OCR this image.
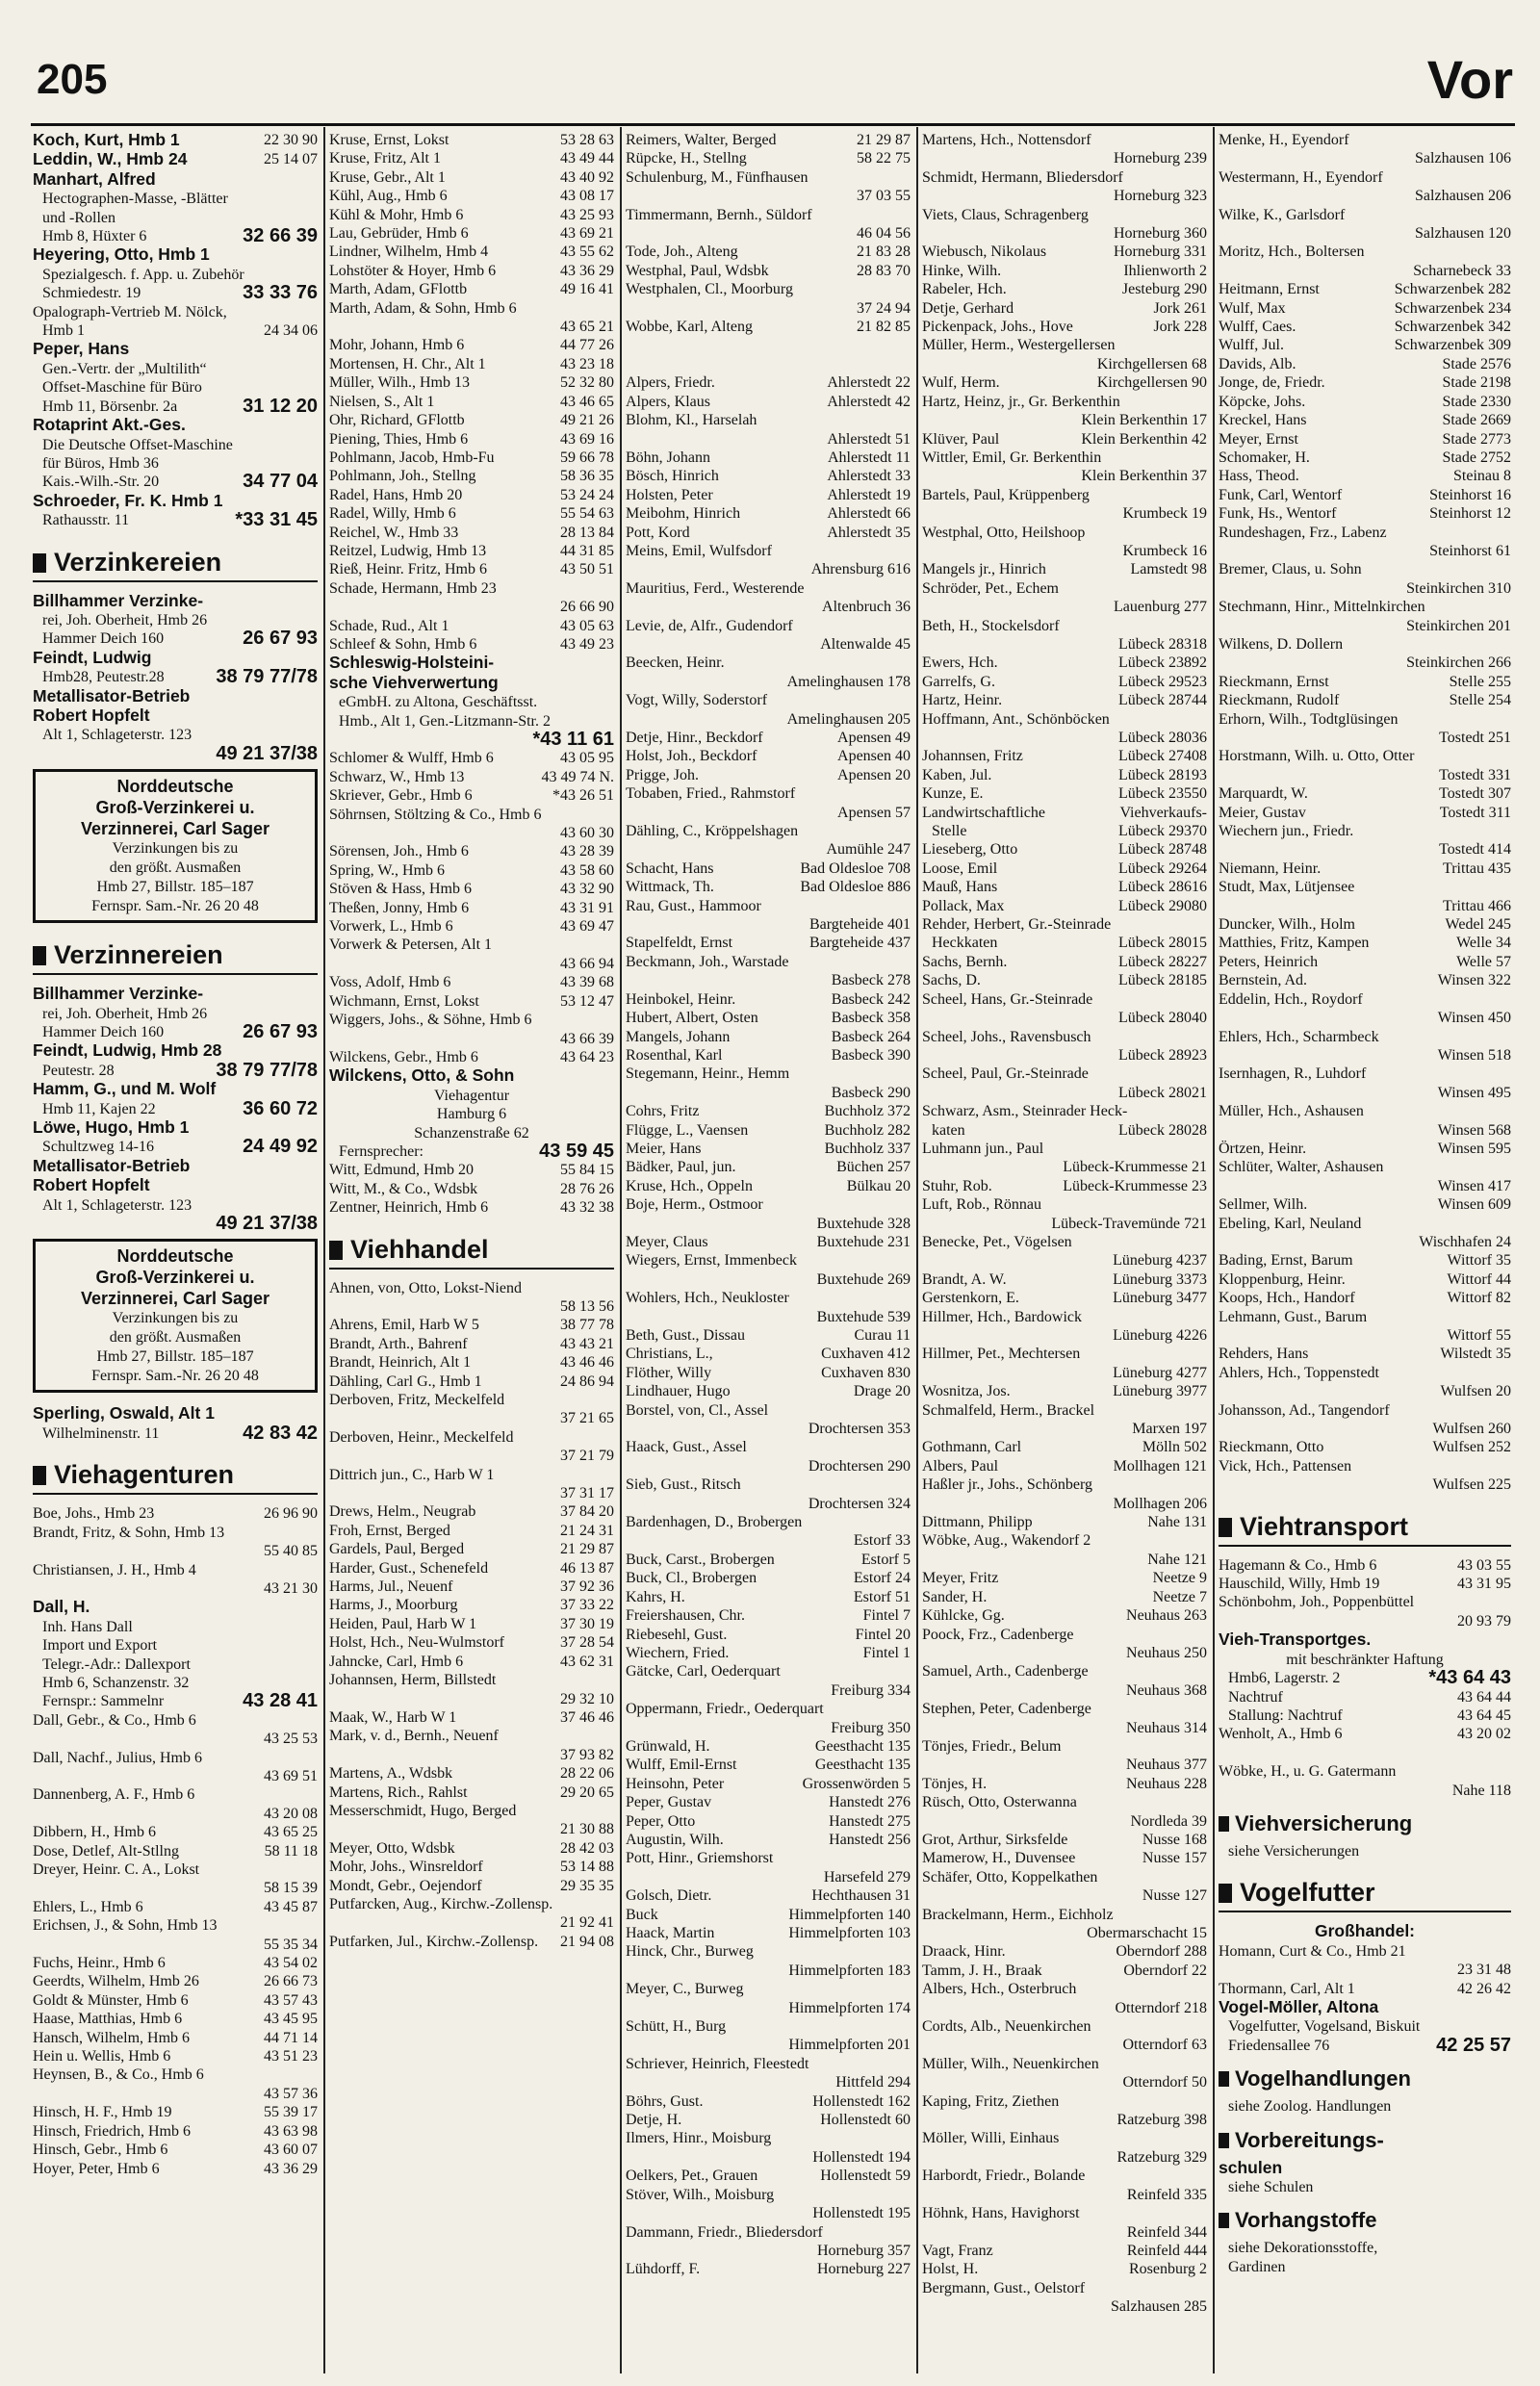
205	Vor
22 30 90
Koch, Kurt, Hmb 1
25 14 07
Leddin, W., Hmb 24
Manhart, Alfred
Hectographen-Masse, -Blätter
und -Rollen
32 66 39
Hmb 8, Hüxter 6
Heyering, Otto, Hmb 1
Spezialgesch. f. App. u. Zubehör
33 33 76
Schmiedestr. 19
Opalograph-Vertrieb M. Nölck,
24 34 06
Hmb 1
Peper, Hans
Gen.-Vertr. der „Multilith“
Offset-Maschine für Büro
31 12 20
Hmb 11, Börsenbr. 2a
Rotaprint Akt.-Ges.
Die Deutsche Offset-Maschine
für Büros, Hmb 36
34 77 04
Kais.-Wilh.-Str. 20
Schroeder, Fr. K. Hmb 1
*33 31 45
Rathausstr. 11
Verzinkereien
Billhammer Verzinke-
rei, Joh. Oberheit, Hmb 26
26 67 93
Hammer Deich 160
Feindt, Ludwig
38 79 77/78
Hmb28, Peutestr.28
Metallisator-Betrieb
Robert Hopfelt
Alt 1, Schlageterstr. 123
49 21 37/38
Norddeutsche
Groß-Verzinkerei u.
Verzinnerei, Carl Sager
Verzinkungen bis zu
den größt. Ausmaßen
Hmb 27, Billstr. 185–187
Fernspr. Sam.-Nr. 26 20 48
Verzinnereien
Billhammer Verzinke-
rei, Joh. Oberheit, Hmb 26
26 67 93
Hammer Deich 160
Feindt, Ludwig, Hmb 28
38 79 77/78
Peutestr. 28
Hamm, G., und M. Wolf
36 60 72
Hmb 11, Kajen 22
Löwe, Hugo, Hmb 1
24 49 92
Schultzweg 14-16
Metallisator-Betrieb
Robert Hopfelt
Alt 1, Schlageterstr. 123
49 21 37/38
Norddeutsche
Groß-Verzinkerei u.
Verzinnerei, Carl Sager
Verzinkungen bis zu
den größt. Ausmaßen
Hmb 27, Billstr. 185–187
Fernspr. Sam.-Nr. 26 20 48
Sperling, Oswald, Alt 1
42 83 42
Wilhelminenstr. 11
Viehagenturen
26 96 90
Boe, Johs., Hmb 23
Brandt, Fritz, & Sohn, Hmb 13
55 40 85
Christiansen, J. H., Hmb 4
43 21 30
Dall, H.
Inh. Hans Dall
Import und Export
Telegr.-Adr.: Dallexport
Hmb 6, Schanzenstr. 32
43 28 41
Fernspr.: Sammelnr
Dall, Gebr., & Co., Hmb 6
43 25 53
Dall, Nachf., Julius, Hmb 6
43 69 51
Dannenberg, A. F., Hmb 6
43 20 08
43 65 25
Dibbern, H., Hmb 6
58 11 18
Dose, Detlef, Alt-Stllng
Dreyer, Heinr. C. A., Lokst
58 15 39
43 45 87
Ehlers, L., Hmb 6
Erichsen, J., & Sohn, Hmb 13
55 35 34
43 54 02
Fuchs, Heinr., Hmb 6
26 66 73
Geerdts, Wilhelm, Hmb 26
43 57 43
Goldt & Münster, Hmb 6
43 45 95
Haase, Matthias, Hmb 6
44 71 14
Hansch, Wilhelm, Hmb 6
43 51 23
Hein u. Wellis, Hmb 6
Heynsen, B., & Co., Hmb 6
43 57 36
55 39 17
Hinsch, H. F., Hmb 19
43 63 98
Hinsch, Friedrich, Hmb 6
43 60 07
Hinsch, Gebr., Hmb 6
43 36 29
Hoyer, Peter, Hmb 6
53 28 63
Kruse, Ernst, Lokst
43 49 44
Kruse, Fritz, Alt 1
43 40 92
Kruse, Gebr., Alt 1
43 08 17
Kühl, Aug., Hmb 6
43 25 93
Kühl & Mohr, Hmb 6
43 69 21
Lau, Gebrüder, Hmb 6
43 55 62
Lindner, Wilhelm, Hmb 4
43 36 29
Lohstöter & Hoyer, Hmb 6
49 16 41
Marth, Adam, GFlottb
Marth, Adam, & Sohn, Hmb 6
43 65 21
44 77 26
Mohr, Johann, Hmb 6
43 23 18
Mortensen, H. Chr., Alt 1
52 32 80
Müller, Wilh., Hmb 13
43 46 65
Nielsen, S., Alt 1
49 21 26
Ohr, Richard, GFlottb
43 69 16
Piening, Thies, Hmb 6
59 66 78
Pohlmann, Jacob, Hmb-Fu
58 36 35
Pohlmann, Joh., Stellng
53 24 24
Radel, Hans, Hmb 20
55 54 63
Radel, Willy, Hmb 6
28 13 84
Reichel, W., Hmb 33
44 31 85
Reitzel, Ludwig, Hmb 13
43 50 51
Rieß, Heinr. Fritz, Hmb 6
Schade, Hermann, Hmb 23
26 66 90
43 05 63
Schade, Rud., Alt 1
43 49 23
Schleef & Sohn, Hmb 6
Schleswig-Holsteini-
sche Viehverwertung
eGmbH. zu Altona, Geschäftsst.
Hmb., Alt 1, Gen.-Litzmann-Str. 2
*43 11 61
43 05 95
Schlomer & Wulff, Hmb 6
43 49 74 N.
Schwarz, W., Hmb 13
*43 26 51
Skriever, Gebr., Hmb 6
Söhrnsen, Stöltzing & Co., Hmb 6
43 60 30
43 28 39
Sörensen, Joh., Hmb 6
43 58 60
Spring, W., Hmb 6
43 32 90
Stöven & Hass, Hmb 6
43 31 91
Theßen, Jonny, Hmb 6
43 69 47
Vorwerk, L., Hmb 6
Vorwerk & Petersen, Alt 1
43 66 94
43 39 68
Voss, Adolf, Hmb 6
53 12 47
Wichmann, Ernst, Lokst
Wiggers, Johs., & Söhne, Hmb 6
43 66 39
43 64 23
Wilckens, Gebr., Hmb 6
Wilckens, Otto, & Sohn
Viehagentur
Hamburg 6
Schanzenstraße 62
43 59 45
Fernsprecher:
55 84 15
Witt, Edmund, Hmb 20
28 76 26
Witt, M., & Co., Wdsbk
43 32 38
Zentner, Heinrich, Hmb 6
Viehhandel
Ahnen, von, Otto, Lokst-Niend
58 13 56
38 77 78
Ahrens, Emil, Harb W 5
43 43 21
Brandt, Arth., Bahrenf
43 46 46
Brandt, Heinrich, Alt 1
24 86 94
Dähling, Carl G., Hmb 1
Derboven, Fritz, Meckelfeld
37 21 65
Derboven, Heinr., Meckelfeld
37 21 79
Dittrich jun., C., Harb W 1
37 31 17
37 84 20
Drews, Helm., Neugrab
21 24 31
Froh, Ernst, Berged
21 29 87
Gardels, Paul, Berged
46 13 87
Harder, Gust., Schenefeld
37 92 36
Harms, Jul., Neuenf
37 33 22
Harms, J., Moorburg
37 30 19
Heiden, Paul, Harb W 1
37 28 54
Holst, Hch., Neu-Wulmstorf
43 62 31
Jahncke, Carl, Hmb 6
Johannsen, Herm, Billstedt
29 32 10
37 46 46
Maak, W., Harb W 1
Mark, v. d., Bernh., Neuenf
37 93 82
28 22 06
Martens, A., Wdsbk
29 20 65
Martens, Rich., Rahlst
Messerschmidt, Hugo, Berged
21 30 88
28 42 03
Meyer, Otto, Wdsbk
53 14 88
Mohr, Johs., Winsreldorf
29 35 35
Mondt, Gebr., Oejendorf
Putfarcken, Aug., Kirchw.-Zollensp.
21 92 41
21 94 08
Putfarken, Jul., Kirchw.-Zollensp.
21 29 87
Reimers, Walter, Berged
58 22 75
Rüpcke, H., Stellng
Schulenburg, M., Fünfhausen
37 03 55
Timmermann, Bernh., Süldorf
46 04 56
21 83 28
Tode, Joh., Alteng
28 83 70
Westphal, Paul, Wdsbk
Westphalen, Cl., Moorburg
37 24 94
21 82 85
Wobbe, Karl, Alteng

Ahlerstedt 22
Alpers, Friedr.
Ahlerstedt 42
Alpers, Klaus
Blohm, Kl., Harselah
Ahlerstedt 51
Ahlerstedt 11
Böhn, Johann
Ahlerstedt 33
Bösch, Hinrich
Ahlerstedt 19
Holsten, Peter
Ahlerstedt 66
Meibohm, Hinrich
Ahlerstedt 35
Pott, Kord
Meins, Emil, Wulfsdorf
Ahrensburg 616
Mauritius, Ferd., Westerende
Altenbruch 36
Levie, de, Alfr., Gudendorf
Altenwalde 45
Beecken, Heinr.
Amelinghausen 178
Vogt, Willy, Soderstorf
Amelinghausen 205
Apensen 49
Detje, Hinr., Beckdorf
Apensen 40
Holst, Joh., Beckdorf
Apensen 20
Prigge, Joh.
Tobaben, Fried., Rahmstorf
Apensen 57
Dähling, C., Kröppelshagen
Aumühle 247
Bad Oldesloe 708
Schacht, Hans
Bad Oldesloe 886
Wittmack, Th.
Rau, Gust., Hammoor
Bargteheide 401
Bargteheide 437
Stapelfeldt, Ernst
Beckmann, Joh., Warstade
Basbeck 278
Basbeck 242
Heinbokel, Heinr.
Basbeck 358
Hubert, Albert, Osten
Basbeck 264
Mangels, Johann
Basbeck 390
Rosenthal, Karl
Stegemann, Heinr., Hemm
Basbeck 290
Buchholz 372
Cohrs, Fritz
Buchholz 282
Flügge, L., Vaensen
Buchholz 337
Meier, Hans
Büchen 257
Bädker, Paul, jun.
Bülkau 20
Kruse, Hch., Oppeln
Boje, Herm., Ostmoor
Buxtehude 328
Buxtehude 231
Meyer, Claus
Wiegers, Ernst, Immenbeck
Buxtehude 269
Wohlers, Hch., Neukloster
Buxtehude 539
Curau 11
Beth, Gust., Dissau
Cuxhaven 412
Christians, L.,
Cuxhaven 830
Flöther, Willy
Drage 20
Lindhauer, Hugo
Borstel, von, Cl., Assel
Drochtersen 353
Haack, Gust., Assel
Drochtersen 290
Sieb, Gust., Ritsch
Drochtersen 324
Bardenhagen, D., Brobergen
Estorf 33
Estorf 5
Buck, Carst., Brobergen
Estorf 24
Buck, Cl., Brobergen
Estorf 51
Kahrs, H.
Fintel 7
Freiershausen, Chr.
Fintel 20
Riebesehl, Gust.
Fintel 1
Wiechern, Fried.
Gätcke, Carl, Oederquart
Freiburg 334
Oppermann, Friedr., Oederquart
Freiburg 350
Geesthacht 135
Grünwald, H.
Geesthacht 135
Wulff, Emil-Ernst
Grossenwörden 5
Heinsohn, Peter
Hanstedt 276
Peper, Gustav
Hanstedt 275
Peper, Otto
Hanstedt 256
Augustin, Wilh.
Pott, Hinr., Griemshorst
Harsefeld 279
Hechthausen 31
Golsch, Dietr.
Himmelpforten 140
Buck
Himmelpforten 103
Haack, Martin
Hinck, Chr., Burweg
Himmelpforten 183
Meyer, C., Burweg
Himmelpforten 174
Schütt, H., Burg
Himmelpforten 201
Schriever, Heinrich, Fleestedt
Hittfeld 294
Hollenstedt 162
Böhrs, Gust.
Hollenstedt 60
Detje, H.
Ilmers, Hinr., Moisburg
Hollenstedt 194
Hollenstedt 59
Oelkers, Pet., Grauen
Stöver, Wilh., Moisburg
Hollenstedt 195
Dammann, Friedr., Bliedersdorf
Horneburg 357
Horneburg 227
Lühdorff, F.
Martens, Hch., Nottensdorf
Horneburg 239
Schmidt, Hermann, Bliedersdorf
Horneburg 323
Viets, Claus, Schragenberg
Horneburg 360
Horneburg 331
Wiebusch, Nikolaus
Ihlienworth 2
Hinke, Wilh.
Jesteburg 290
Rabeler, Hch.
Jork 261
Detje, Gerhard
Jork 228
Pickenpack, Johs., Hove
Müller, Herm., Westergellersen
Kirchgellersen 68
Kirchgellersen 90
Wulf, Herm.
Hartz, Heinz, jr., Gr. Berkenthin
Klein Berkenthin 17
Klein Berkenthin 42
Klüver, Paul
Wittler, Emil, Gr. Berkenthin
Klein Berkenthin 37
Bartels, Paul, Krüppenberg
Krumbeck 19
Westphal, Otto, Heilshoop
Krumbeck 16
Lamstedt 98
Mangels jr., Hinrich
Schröder, Pet., Echem
Lauenburg 277
Beth, H., Stockelsdorf
Lübeck 28318
Lübeck 23892
Ewers, Hch.
Lübeck 29523
Garrelfs, G.
Lübeck 28744
Hartz, Heinr.
Hoffmann, Ant., Schönböcken
Lübeck 28036
Lübeck 27408
Johannsen, Fritz
Lübeck 28193
Kaben, Jul.
Lübeck 23550
Kunze, E.
Viehverkaufs-
Landwirtschaftliche
Lübeck 29370
Stelle
Lübeck 28748
Lieseberg, Otto
Lübeck 29264
Loose, Emil
Lübeck 28616
Mauß, Hans
Lübeck 29080
Pollack, Max
Rehder, Herbert, Gr.-Steinrade
Lübeck 28015
Heckkaten
Lübeck 28227
Sachs, Bernh.
Lübeck 28185
Sachs, D.
Scheel, Hans, Gr.-Steinrade
Lübeck 28040
Scheel, Johs., Ravensbusch
Lübeck 28923
Scheel, Paul, Gr.-Steinrade
Lübeck 28021
Schwarz, Asm., Steinrader Heck-
Lübeck 28028
katen
Luhmann jun., Paul
Lübeck-Krummesse 21
Lübeck-Krummesse 23
Stuhr, Rob.
Luft, Rob., Rönnau
Lübeck-Travemünde 721
Benecke, Pet., Vögelsen
Lüneburg 4237
Lüneburg 3373
Brandt, A. W.
Lüneburg 3477
Gerstenkorn, E.
Hillmer, Hch., Bardowick
Lüneburg 4226
Hillmer, Pet., Mechtersen
Lüneburg 4277
Lüneburg 3977
Wosnitza, Jos.
Schmalfeld, Herm., Brackel
Marxen 197
Mölln 502
Gothmann, Carl
Mollhagen 121
Albers, Paul
Haßler jr., Johs., Schönberg
Mollhagen 206
Nahe 131
Dittmann, Philipp
Wöbke, Aug., Wakendorf 2
Nahe 121
Neetze 9
Meyer, Fritz
Neetze 7
Sander, H.
Neuhaus 263
Kühlcke, Gg.
Poock, Frz., Cadenberge
Neuhaus 250
Samuel, Arth., Cadenberge
Neuhaus 368
Stephen, Peter, Cadenberge
Neuhaus 314
Tönjes, Friedr., Belum
Neuhaus 377
Neuhaus 228
Tönjes, H.
Rüsch, Otto, Osterwanna
Nordleda 39
Nusse 168
Grot, Arthur, Sirksfelde
Nusse 157
Mamerow, H., Duvensee
Schäfer, Otto, Koppelkathen
Nusse 127
Brackelmann, Herm., Eichholz
Obermarschacht 15
Oberndorf 288
Draack, Hinr.
Oberndorf 22
Tamm, J. H., Braak
Albers, Hch., Osterbruch
Otterndorf 218
Cordts, Alb., Neuenkirchen
Otterndorf 63
Müller, Wilh., Neuenkirchen
Otterndorf 50
Kaping, Fritz, Ziethen
Ratzeburg 398
Möller, Willi, Einhaus
Ratzeburg 329
Harbordt, Friedr., Bolande
Reinfeld 335
Höhnk, Hans, Havighorst
Reinfeld 344
Reinfeld 444
Vagt, Franz
Rosenburg 2
Holst, H.
Bergmann, Gust., Oelstorf
Salzhausen 285
Menke, H., Eyendorf
Salzhausen 106
Westermann, H., Eyendorf
Salzhausen 206
Wilke, K., Garlsdorf
Salzhausen 120
Moritz, Hch., Boltersen
Scharnebeck 33
Schwarzenbek 282
Heitmann, Ernst
Schwarzenbek 234
Wulf, Max
Schwarzenbek 342
Wulff, Caes.
Schwarzenbek 309
Wulff, Jul.
Stade 2576
Davids, Alb.
Stade 2198
Jonge, de, Friedr.
Stade 2330
Köpcke, Johs.
Stade 2669
Kreckel, Hans
Stade 2773
Meyer, Ernst
Stade 2752
Schomaker, H.
Steinau 8
Hass, Theod.
Steinhorst 16
Funk, Carl, Wentorf
Steinhorst 12
Funk, Hs., Wentorf
Rundeshagen, Frz., Labenz
Steinhorst 61
Bremer, Claus, u. Sohn
Steinkirchen 310
Stechmann, Hinr., Mittelnkirchen
Steinkirchen 201
Wilkens, D. Dollern
Steinkirchen 266
Stelle 255
Rieckmann, Ernst
Stelle 254
Rieckmann, Rudolf
Erhorn, Wilh., Todtglüsingen
Tostedt 251
Horstmann, Wilh. u. Otto, Otter
Tostedt 331
Tostedt 307
Marquardt, W.
Tostedt 311
Meier, Gustav
Wiechern jun., Friedr.
Tostedt 414
Trittau 435
Niemann, Heinr.
Studt, Max, Lütjensee
Trittau 466
Wedel 245
Duncker, Wilh., Holm
Welle 34
Matthies, Fritz, Kampen
Welle 57
Peters, Heinrich
Winsen 322
Bernstein, Ad.
Eddelin, Hch., Roydorf
Winsen 450
Ehlers, Hch., Scharmbeck
Winsen 518
Isernhagen, R., Luhdorf
Winsen 495
Müller, Hch., Ashausen
Winsen 568
Winsen 595
Örtzen, Heinr.
Schlüter, Walter, Ashausen
Winsen 417
Winsen 609
Sellmer, Wilh.
Ebeling, Karl, Neuland
Wischhafen 24
Wittorf 35
Bading, Ernst, Barum
Wittorf 44
Kloppenburg, Heinr.
Wittorf 82
Koops, Hch., Handorf
Lehmann, Gust., Barum
Wittorf 55
Wilstedt 35
Rehders, Hans
Ahlers, Hch., Toppenstedt
Wulfsen 20
Johansson, Ad., Tangendorf
Wulfsen 260
Wulfsen 252
Rieckmann, Otto
Vick, Hch., Pattensen
Wulfsen 225
Viehtransport
43 03 55
Hagemann & Co., Hmb 6
43 31 95
Hauschild, Willy, Hmb 19
Schönbohm, Joh., Poppenbüttel
20 93 79
Vieh-Transportges.
mit beschränkter Haftung
*43 64 43
Hmb6, Lagerstr. 2
43 64 44
Nachtruf
43 64 45
Stallung: Nachtruf
43 20 02
Wenholt, A., Hmb 6

Wöbke, H., u. G. Gatermann
Nahe 118
Viehversicherung
siehe Versicherungen
Vogelfutter
Großhandel:
Homann, Curt & Co., Hmb 21
23 31 48
42 26 42
Thormann, Carl, Alt 1
Vogel-Möller, Altona
Vogelfutter, Vogelsand, Biskuit
42 25 57
Friedensallee 76
Vogelhandlungen
siehe Zoolog. Handlungen
Vorbereitungs-
schulen
siehe Schulen
Vorhangstoffe
siehe Dekorationsstoffe,
Gardinen
